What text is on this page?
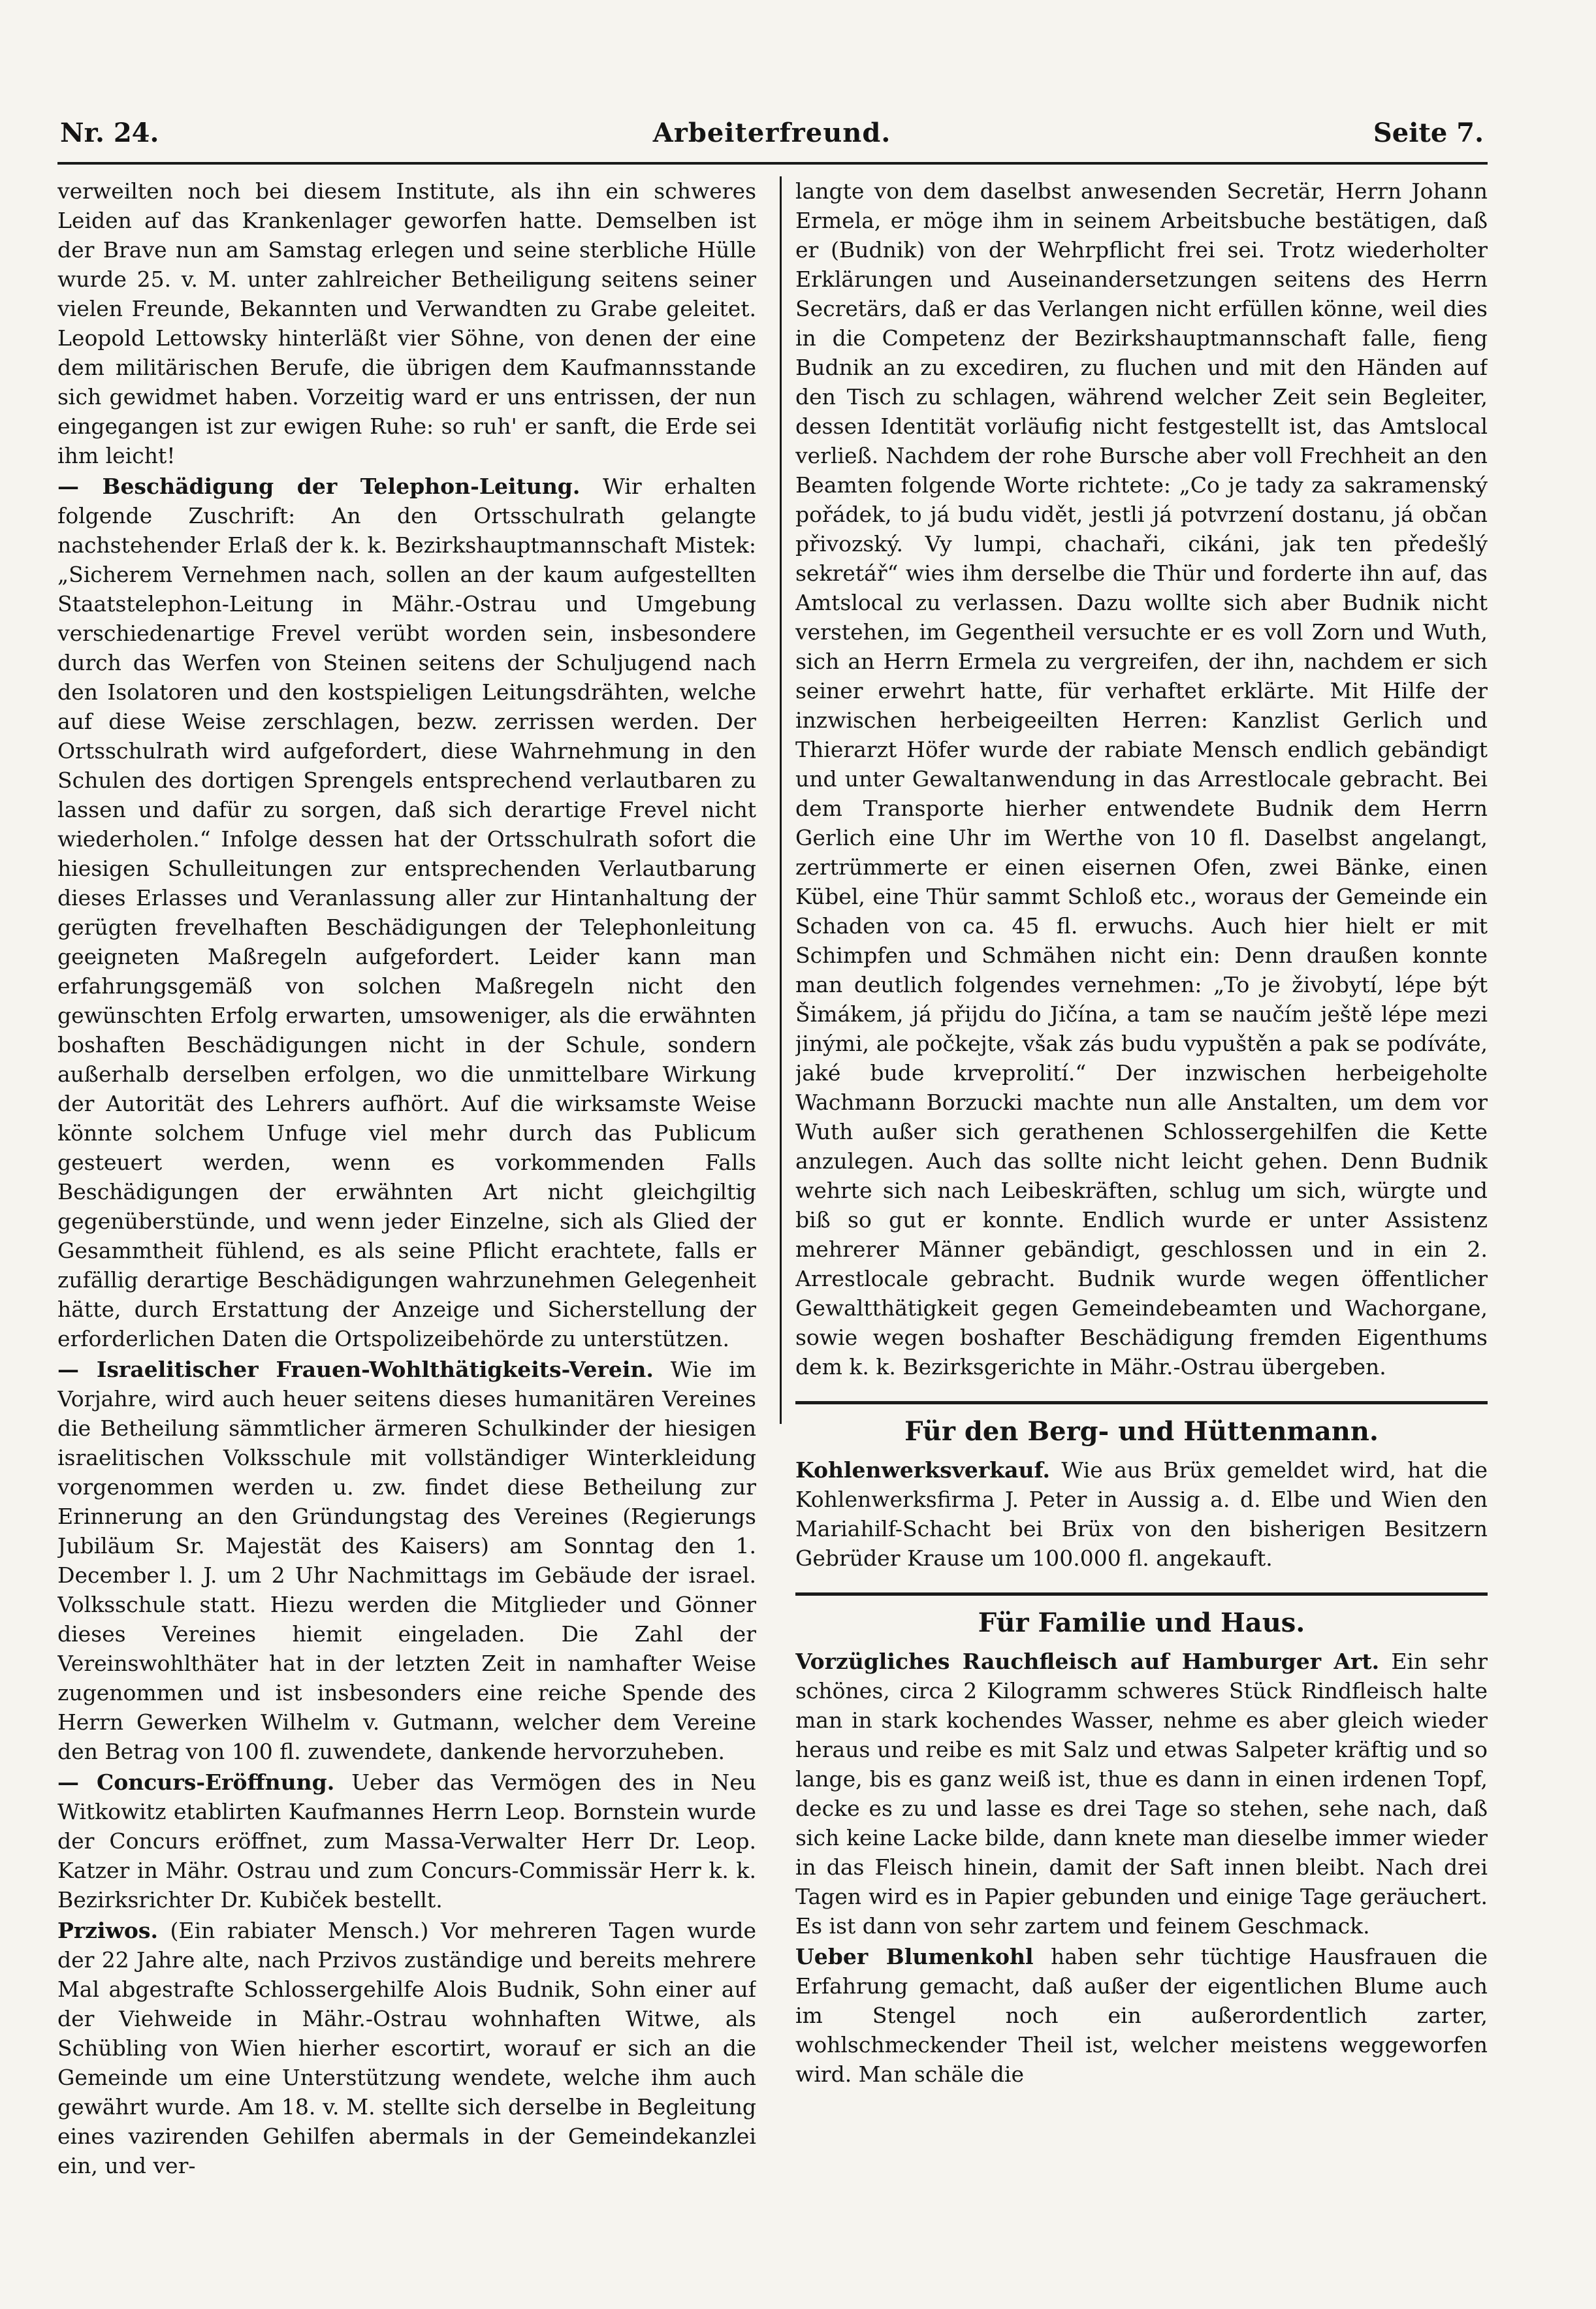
Nr. 24.	Arbeiterfreund.	Seite 7.

verweilten noch bei diesem Institute, als ihn ein schweres Leiden auf das Krankenlager geworfen hatte. Demselben ist der Brave nun am Samstag erlegen und seine sterbliche Hülle wurde 25. v. M. unter zahlreicher Betheiligung seitens seiner vielen Freunde, Bekannten und Verwandten zu Grabe geleitet. Leopold Lettowsky hinterläßt vier Söhne, von denen der eine dem militärischen Berufe, die übrigen dem Kaufmannsstande sich gewidmet haben. Vorzeitig ward er uns entrissen, der nun eingegangen ist zur ewigen Ruhe: so ruh' er sanft, die Erde sei ihm leicht!

— Beschädigung der Telephon-Leitung. Wir erhalten folgende Zuschrift: An den Ortsschulrath gelangte nachstehender Erlaß der k. k. Bezirkshauptmannschaft Mistek: „Sicherem Vernehmen nach, sollen an der kaum aufgestellten Staatstelephon-Leitung in Mähr.-Ostrau und Umgebung verschiedenartige Frevel verübt worden sein, insbesondere durch das Werfen von Steinen seitens der Schuljugend nach den Isolatoren und den kostspieligen Leitungsdrähten, welche auf diese Weise zerschlagen, bezw. zerrissen werden. Der Ortsschulrath wird aufgefordert, diese Wahrnehmung in den Schulen des dortigen Sprengels entsprechend verlautbaren zu lassen und dafür zu sorgen, daß sich derartige Frevel nicht wiederholen.“ Infolge dessen hat der Ortsschulrath sofort die hiesigen Schulleitungen zur entsprechenden Verlautbarung dieses Erlasses und Veranlassung aller zur Hintanhaltung der gerügten frevelhaften Beschädigungen der Telephonleitung geeigneten Maßregeln aufgefordert. Leider kann man erfahrungsgemäß von solchen Maßregeln nicht den gewünschten Erfolg erwarten, umsoweniger, als die erwähnten boshaften Beschädigungen nicht in der Schule, sondern außerhalb derselben erfolgen, wo die unmittelbare Wirkung der Autorität des Lehrers aufhört. Auf die wirksamste Weise könnte solchem Unfuge viel mehr durch das Publicum gesteuert werden, wenn es vorkommenden Falls Beschädigungen der erwähnten Art nicht gleichgiltig gegenüberstünde, und wenn jeder Einzelne, sich als Glied der Gesammtheit fühlend, es als seine Pflicht erachtete, falls er zufällig derartige Beschädigungen wahrzunehmen Gelegenheit hätte, durch Erstattung der Anzeige und Sicherstellung der erforderlichen Daten die Ortspolizeibehörde zu unterstützen.

— Israelitischer Frauen-Wohlthätigkeits-Verein. Wie im Vorjahre, wird auch heuer seitens dieses humanitären Vereines die Betheilung sämmtlicher ärmeren Schulkinder der hiesigen israelitischen Volksschule mit vollständiger Winterkleidung vorgenommen werden u. zw. findet diese Betheilung zur Erinnerung an den Gründungstag des Vereines (Regierungs Jubiläum Sr. Majestät des Kaisers) am Sonntag den 1. December l. J. um 2 Uhr Nachmittags im Gebäude der israel. Volksschule statt. Hiezu werden die Mitglieder und Gönner dieses Vereines hiemit eingeladen. Die Zahl der Vereinswohlthäter hat in der letzten Zeit in namhafter Weise zugenommen und ist insbesonders eine reiche Spende des Herrn Gewerken Wilhelm v. Gutmann, welcher dem Vereine den Betrag von 100 fl. zuwendete, dankende hervorzuheben.

— Concurs-Eröffnung. Ueber das Vermögen des in Neu Witkowitz etablirten Kaufmannes Herrn Leop. Bornstein wurde der Concurs eröffnet, zum Massa-Verwalter Herr Dr. Leop. Katzer in Mähr. Ostrau und zum Concurs-Commissär Herr k. k. Bezirksrichter Dr. Kubiček bestellt.

Prziwos. (Ein rabiater Mensch.) Vor mehreren Tagen wurde der 22 Jahre alte, nach Przivos zuständige und bereits mehrere Mal abgestrafte Schlossergehilfe Alois Budnik, Sohn einer auf der Viehweide in Mähr.-Ostrau wohnhaften Witwe, als Schübling von Wien hierher escortirt, worauf er sich an die Gemeinde um eine Unterstützung wendete, welche ihm auch gewährt wurde. Am 18. v. M. stellte sich derselbe in Begleitung eines vazirenden Gehilfen abermals in der Gemeindekanzlei ein, und ver-

langte von dem daselbst anwesenden Secretär, Herrn Johann Ermela, er möge ihm in seinem Arbeitsbuche bestätigen, daß er (Budnik) von der Wehrpflicht frei sei. Trotz wiederholter Erklärungen und Auseinandersetzungen seitens des Herrn Secretärs, daß er das Verlangen nicht erfüllen könne, weil dies in die Competenz der Bezirkshauptmannschaft falle, fieng Budnik an zu excediren, zu fluchen und mit den Händen auf den Tisch zu schlagen, während welcher Zeit sein Begleiter, dessen Identität vorläufig nicht festgestellt ist, das Amtslocal verließ. Nachdem der rohe Bursche aber voll Frechheit an den Beamten folgende Worte richtete: „Co je tady za sakramenský pořádek, to já budu vidět, jestli já potvrzení dostanu, já občan přivozský. Vy lumpi, chachaři, cikáni, jak ten předešlý sekretář“ wies ihm derselbe die Thür und forderte ihn auf, das Amtslocal zu verlassen. Dazu wollte sich aber Budnik nicht verstehen, im Gegentheil versuchte er es voll Zorn und Wuth, sich an Herrn Ermela zu vergreifen, der ihn, nachdem er sich seiner erwehrt hatte, für verhaftet erklärte. Mit Hilfe der inzwischen herbeigeeilten Herren: Kanzlist Gerlich und Thierarzt Höfer wurde der rabiate Mensch endlich gebändigt und unter Gewaltanwendung in das Arrestlocale gebracht. Bei dem Transporte hierher entwendete Budnik dem Herrn Gerlich eine Uhr im Werthe von 10 fl. Daselbst angelangt, zertrümmerte er einen eisernen Ofen, zwei Bänke, einen Kübel, eine Thür sammt Schloß etc., woraus der Gemeinde ein Schaden von ca. 45 fl. erwuchs. Auch hier hielt er mit Schimpfen und Schmähen nicht ein: Denn draußen konnte man deutlich folgendes vernehmen: „To je živobytí, lépe být Šimákem, já přijdu do Jičína, a tam se naučím ještě lépe mezi jinými, ale počkejte, však zás budu vypuštěn a pak se podíváte, jaké bude krveprolití.“ Der inzwischen herbeigeholte Wachmann Borzucki machte nun alle Anstalten, um dem vor Wuth außer sich gerathenen Schlossergehilfen die Kette anzulegen. Auch das sollte nicht leicht gehen. Denn Budnik wehrte sich nach Leibeskräften, schlug um sich, würgte und biß so gut er konnte. Endlich wurde er unter Assistenz mehrerer Männer gebändigt, geschlossen und in ein 2. Arrestlocale gebracht. Budnik wurde wegen öffentlicher Gewaltthätigkeit gegen Gemeindebeamten und Wachorgane, sowie wegen boshafter Beschädigung fremden Eigenthums dem k. k. Bezirksgerichte in Mähr.-Ostrau übergeben.

Für den Berg- und Hüttenmann.

Kohlenwerksverkauf. Wie aus Brüx gemeldet wird, hat die Kohlenwerksfirma J. Peter in Aussig a. d. Elbe und Wien den Mariahilf-Schacht bei Brüx von den bisherigen Besitzern Gebrüder Krause um 100.000 fl. angekauft.

Für Familie und Haus.

Vorzügliches Rauchfleisch auf Hamburger Art. Ein sehr schönes, circa 2 Kilogramm schweres Stück Rindfleisch halte man in stark kochendes Wasser, nehme es aber gleich wieder heraus und reibe es mit Salz und etwas Salpeter kräftig und so lange, bis es ganz weiß ist, thue es dann in einen irdenen Topf, decke es zu und lasse es drei Tage so stehen, sehe nach, daß sich keine Lacke bilde, dann knete man dieselbe immer wieder in das Fleisch hinein, damit der Saft innen bleibt. Nach drei Tagen wird es in Papier gebunden und einige Tage geräuchert. Es ist dann von sehr zartem und feinem Geschmack.

Ueber Blumenkohl haben sehr tüchtige Hausfrauen die Erfahrung gemacht, daß außer der eigentlichen Blume auch im Stengel noch ein außerordentlich zarter, wohlschmeckender Theil ist, welcher meistens weggeworfen wird. Man schäle die
